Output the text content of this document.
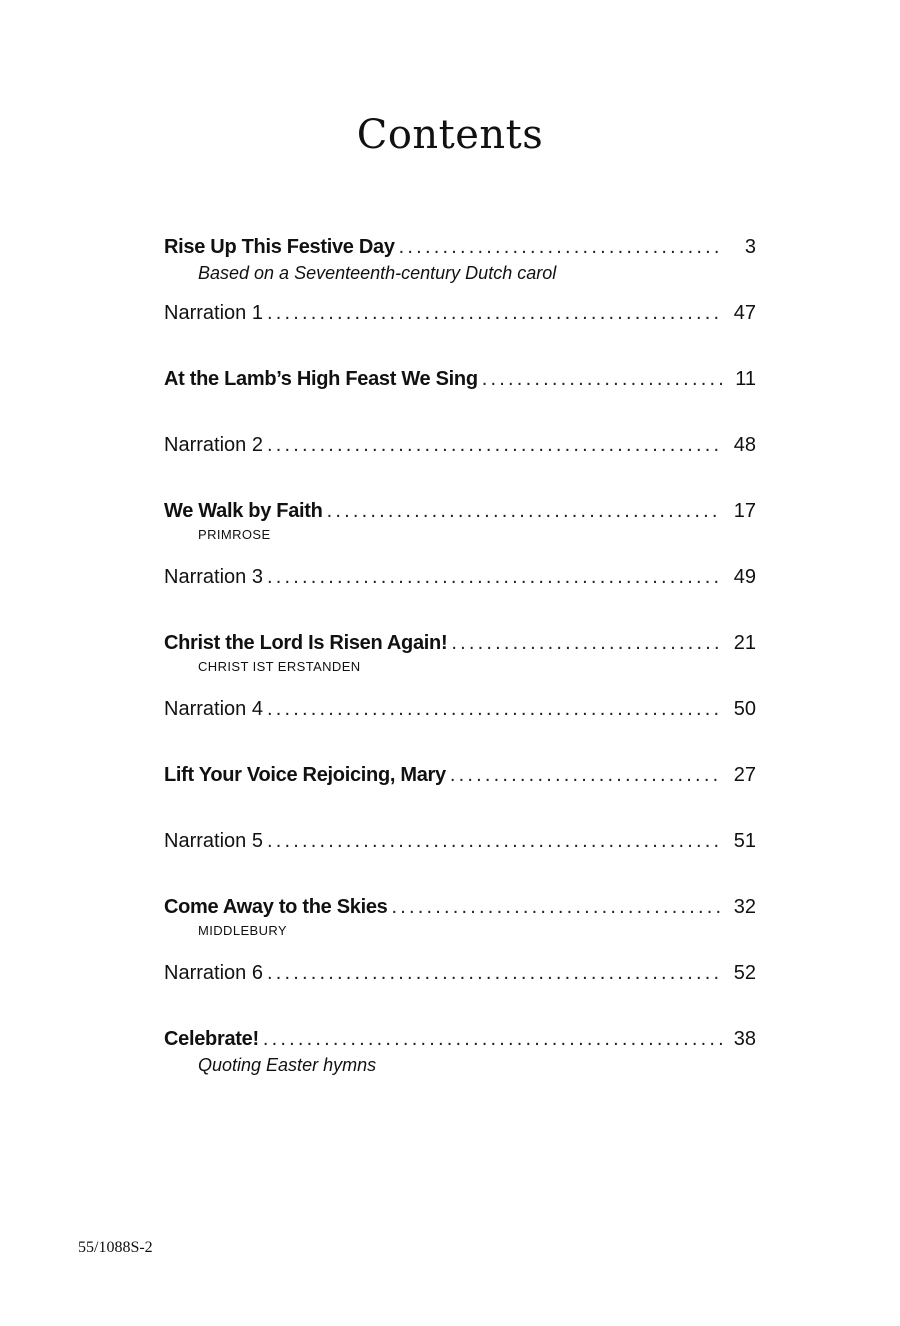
Contents
Rise Up This Festive Day .....	3
Based on a Seventeenth-century Dutch carol
Narration 1 .....	47
At the Lamb’s High Feast We Sing .....	11
Narration 2 .....	48
We Walk by Faith .....	17
PRIMROSE
Narration 3 .....	49
Christ the Lord Is Risen Again! .....	21
CHRIST IST ERSTANDEN
Narration 4 .....	50
Lift Your Voice Rejoicing, Mary .....	27
Narration 5 .....	51
Come Away to the Skies .....	32
MIDDLEBURY
Narration 6 .....	52
Celebrate! .....	38
Quoting Easter hymns
55/1088S-2
